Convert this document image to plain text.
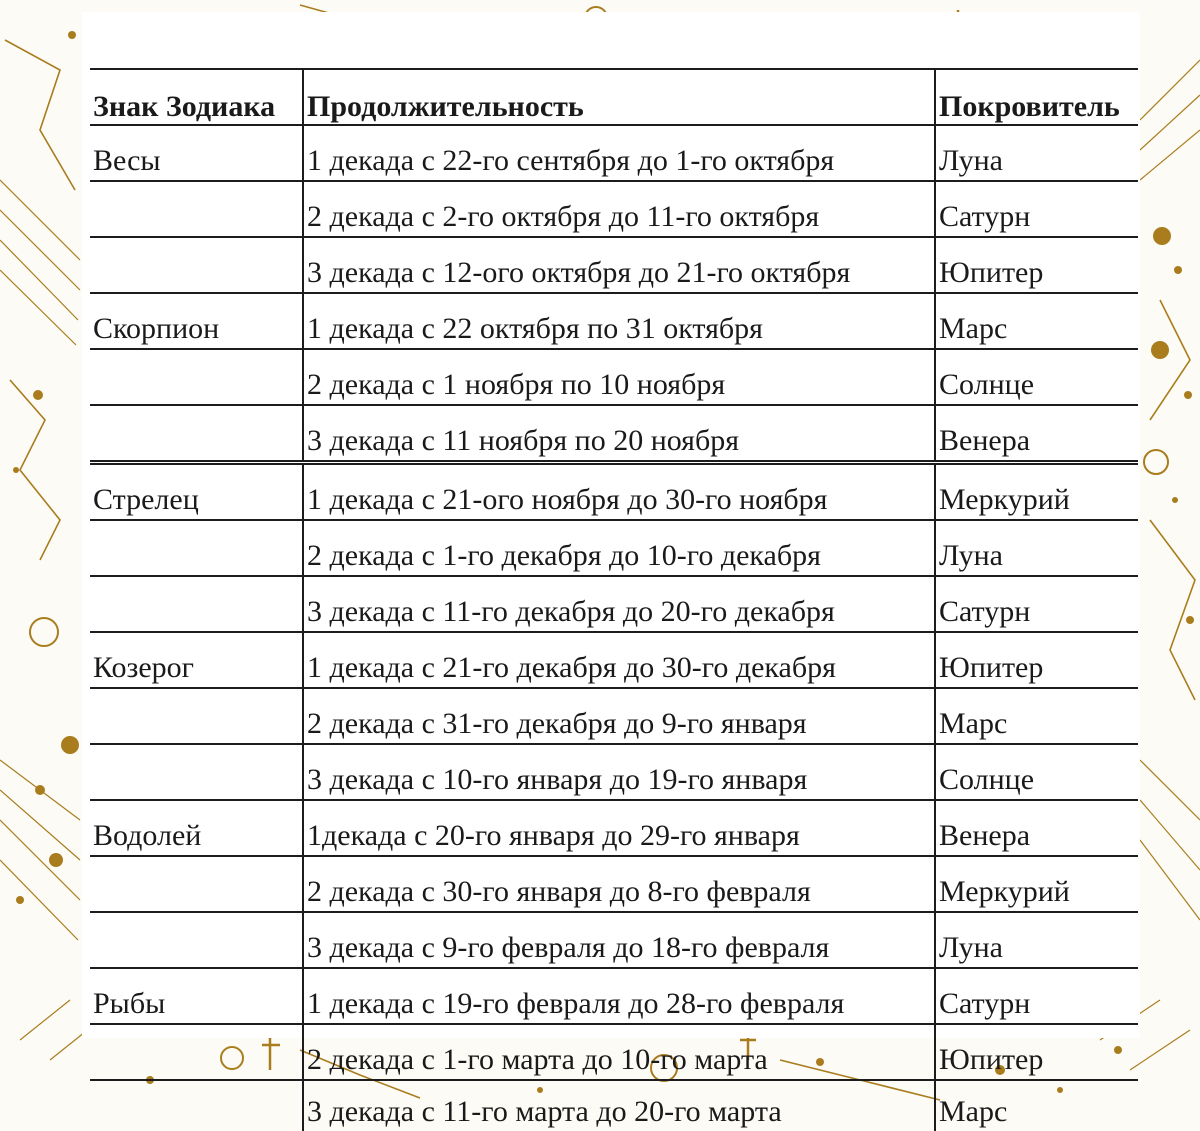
Знак Зодиака	Продолжительность	Покровитель
Весы	1 декада с 22-го сентября до 1-го октября	Луна
	2 декада с 2-го октября до 11-го октября	Сатурн
	3 декада с 12-ого октября до 21-го октября	Юпитер
Скорпион	1 декада с 22 октября по 31 октября	Марс
	2 декада с 1 ноября по 10 ноября	Солнце
	3 декада с 11 ноября по 20 ноября	Венера
Стрелец	1 декада с 21-ого ноября до 30-го ноября	Меркурий
	2 декада с 1-го декабря до 10-го декабря	Луна
	3 декада с 11-го декабря до 20-го декабря	Сатурн
Козерог	1 декада с 21-го декабря до 30-го декабря	Юпитер
	2 декада с 31-го декабря до 9-го января	Марс
	3 декада с 10-го января до 19-го января	Солнце
Водолей	1декада с 20-го января до 29-го января	Венера
	2 декада с 30-го января до 8-го февраля	Меркурий
	3 декада с 9-го февраля до 18-го февраля	Луна
Рыбы	1 декада с 19-го февраля до 28-го февраля	Сатурн
	2 декада с 1-го марта до 10-го марта	Юпитер
	3 декада с 11-го марта до 20-го марта	Марс
